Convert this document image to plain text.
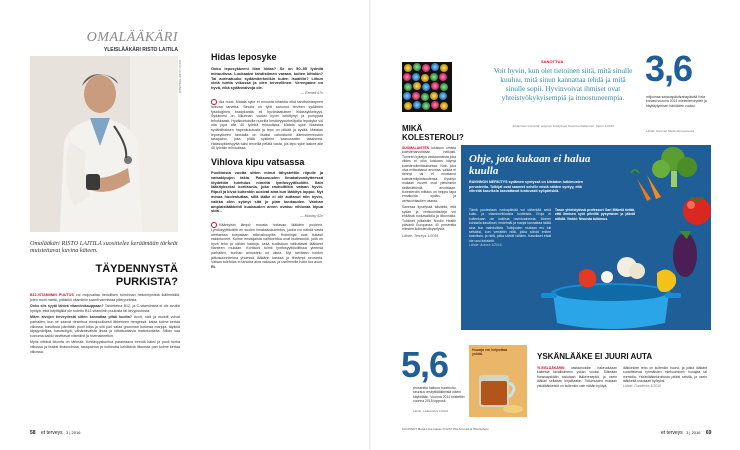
OMALÄÄKÄRI
YLEISLÄÄKÄRI RISTO LAITILA
KUVA LAURI TIKKANEN
Omalääkäri RISTO LAITILA suosittelee keräämään tärkeät muistettavat kuvina käteen.
TÄYDENNYSTÄ PURKISTA?

B12-VITAMIININ PUUTOS voi mojovaltaa tiedollisen toiminnan heikentymistä ikäihmisillä, joten moni miettii, pitäisikö vitamiinin saanti varmistaa pillerpurkista.

Onko siis syytä lähteä vitamiinikauppaan? Tabletteina B12- ja C-vitamiinista ei ole avuille hyötyä, eikä käyttäjällä ole todettu B12-vitamiinin puutosta tai lievypuutosta.

Miten alvojen terveydestä sitten kannattaa pitää huolta? Avoit, niell ja muistit voivat parhaiten, kun ne saavat riesinhua monipuolisesti liikkeneen hengessä: kalaa kolme kertaa viikossa, kasviksia päivittäin puoli kiloa ja silti pari salaa gramman korkeaa marjoja, täyikkä täysjyväviljaa, kasvisöljyä, vähärasvaista liivaa ja vähäsuolaisia maitotuotteita. Silloin saa kuinuma kaikki tarvittavat vitamiinit ja hivenaineetkin.

Myös riittävä liikunta on tärkeää. Kestävyyskuntoa parantaava treeniä kaksi ja puoli tuntia viikossa ja lisäksi lihasvoimaa, tasapainoa ja notkeutta kehittäviä liikuntaa pari kolme kertaa viikossa.

58 et terveys 3 | 2016
Hidas leposyke
Onko leposykkeeni liian hidas? Se on 50–55 lyöntiä minuutissa. Loukaaksi tahdistimen varaan, koiten kiitokin? Tai aurinatuuko sydämiterkniikin kuten isoäitiin? Liikun vielä tuntia viikossa ja olen terveellinen. Verenpaine on hyvä, eikä sydänvaivoja ole.
— Eemeli 67v
Ala huoli. Matala syke ei ennusta infarktia eikä tahdistintarpeen tulevaa tarvetta. Sinulla on tyhti sanonut terveen sydämen fysiologinen bradykardia eli hyvänlaatuinen hidassykkeisyys. Sydämesi on liikunnan vuoksi hyvin kehittynyt ja pumppaa tehokkaasti. Hyväkuntoisilla nuorilla kestävyysurheilijoilla lepokyke voi olla jopa alle 40 lyöntiä minuutissa. Matala syke hidastaa sydänlihaksen hapenkulutusta ja lepo on pitkää ja syvää. Matalan leposykkeen taustalla on lisäksi vahvistunut ääreishermoston tasapaino, joka pitää sykkeen kasvussakin tasaisena. Hidassykkeisyyttä tulisi terveillä pelätä vasta, jos lepo syke laskee alle 40 lyöntiin minuutissa.
Vihlova kipu vatsassa
Puolitoista vuotta sitten minut tähystettiin riipulle ja vatsakipujen takia. Paksusuolen limakalvonäytteessä löydettiin tulehdus nimeltä lymfosyyttikoliitti. Sain lääkitykseksi kortisonia, joka rauhoittikin vatsan hyvin. Ripuli ja kivut kuitenkin uusivat aina kun lääkitys loppui. Nyt minua huolestuttaa, sillä lääke ei ole auttanut niin hyvin, vaikka olen syönyt sitä jo pian kuukauden. Vanhan ampiaislääkkeidi kuukauden arven ovatsu vihlovaa kipua sidä...
— Muotsy 62v
Kääntyisin lämpö muusta hoitavan lääkärin puoleen. Lymfosyyttikoliitti on suolen limakalvotulehdus, jonka voi nähdä vasta otettaessa koepalaan mikroskoopilla. Hoitolinjat ovat tiukasti vakiintuneet. Kolme ensisijaista vaihtoehtoa ovat budesonidi, jolla on hyvä teho ja vähän haittoja, sekä suolistoon vaikuttavat lääkkeet tilanteen mukaan. Kortisoni tuimii lymfosyyttikoliitissa yleensä parhaiten, kunhan annostelu on oikea. Nyt tarvitaan hoidon jatkosuunnitelma yhdessä lääkärin kanssa ja tiheämpi seuranta. Vatsan tulehdus ei tarkoita aina vakavaa, ja useimmille hoito tuo avun. RL
MIKÄ KOLESTEROLI?

SUOMALAISTEN lukaisuu omista kolesteriarvoistaan heikosti. Tuoreen kyselyn vastaanneista joka viides ei ollut koskaan käynyt kolesterolimittauksessa. Noin joka oiva mittauttanut arvonsa, vaikka ei tiennyt tai ei muistanut kolesterolipitoisuutensa. Kyselyn mukaan nuoret ovat yleisimmin tietämättömiä arvoistaan. Kolesterolin mittaus on helppo tapa ennakoida sydän- ja verisuonitautien vaaraa.

Sanessa kyselyssä käsitellä, että sydän ja verisuonitauteja voi ehkäistä ruokavaliolla ja liikunnalla. Tulokset julkaistiin Nordic Health päivänä Europassa 40 prosenttia miesten kolesterolikyselystä.

Lähde: Terveys 1/2016

SANOTTUA
Voit hyvin, kun olet tietoinen siitä, mitä sinulle kuuluu, mitä sinun kannattaa tehdä ja mitä sinulle sopii. Hyvinvoivat ihmiset ovat yhteistyökykyisempiä ja innostuneempia.
Johtamisen konsultti, erityisen kehityksen Susanna Rahkonen, Talmo 1/2016
3,6
miljoonaa sairauspäivärahapäivää Kela korvasi vuonna 2014 mielenterveyden ja käyttäytymisen häiriöiden vuoksi.
Lähde: Suomen Mielenterveysseura
Ohje, jota kukaan ei halua kuulla
RAVINNON MERKITYS sydämen syntyssä on kiistaton tutkimusten perusteella. Tutkijat ovat saaneet selville mistä näiden syntyy, että vihreitä kasviksia kasvattavat tuntuvasti syöpäriskiä.
Tämä puolestaan ruokapäivää voi vähentää sekä kuitu- ja vitamiinirikkaista tuotteista. Eroja ei kuitenkaan ole kaikista ravintoaineista. Monen kohdalla kasvikset, hedelmät ja marjat kannattaa lisätä aina kun mahdollista. Tutkijoiden mukaan ero tuli selväksi, kun verrattiin niitä, jotka söivät eniten kasviksia, ja niitä, jotka söivät vähiten. Kasvikset eivät ole uusi keksintö.
Lähde: Aurora 1/2016
Tarun yhteistyössä professori Sari Mäkelä tietää, että ihmisen syöt pihvillä pysyminen ja jäävät nähdä. Vinkki: Nisuista tutkimus.
5,6
prosenttia haitoon huomioitu seuraus reseptilääkkeistä oikein käytöllään. Vuonna 2014 toistettiin vuonna 2015 topposti.
Lähde: Lääkelaitos 1/2016
Huuaja voi helpottaa yskää.	YSKÄNLÄÄKE EI JUURI AUTA
YLEISLÄÄKÄRIN vastaanotolle hakeudutaan kaikesta tavallisimmin yskän vuoksi. Sitkeään flunssayskään tosiotaan lääkereseptiä, ja usein lääkäri sellaisen kirjoittaakin. Tutkimusten mukaan yskälääkkeistä on kuitenkin vain vähän hyötyä.
lääkkeiden teho on kuitenkin huono, ja jotkut lääkärit suosittelevat ryhmäisien miekuuminen hunajaa tai mentolia. Yskänlääkekiroitusta pitäisi selvitä, ja usein lääkkeitä uskotaan hyötyksi.
Lähde: Duodecim 5/2016
KOONNUT Marja-Liisa Hasse KUVAT Piia Arnould ja iStockphoto
et terveys 3 | 2016 69
